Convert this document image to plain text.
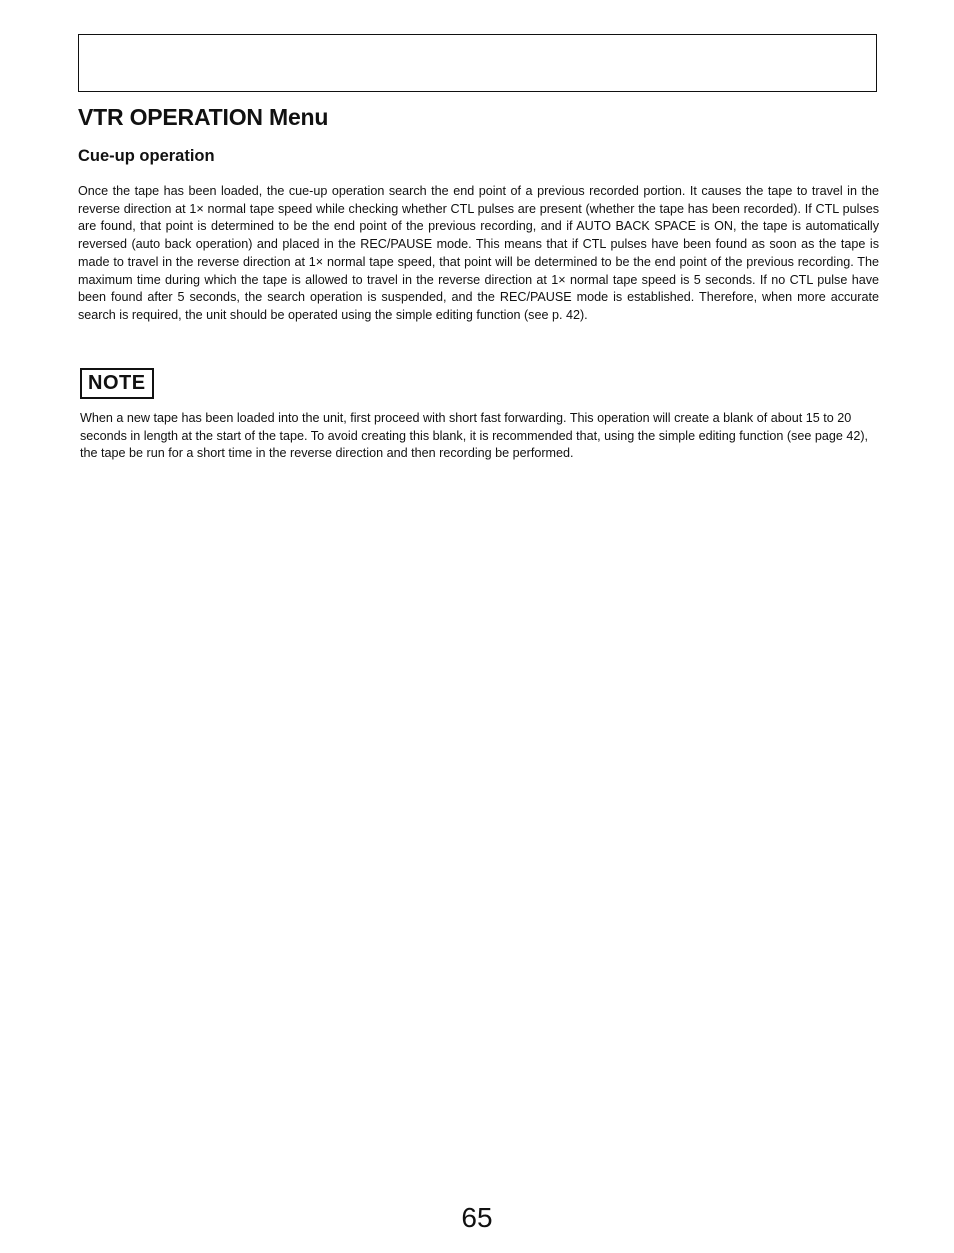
VTR OPERATION Menu
Cue-up operation

Once the tape has been loaded, the cue-up operation search the end point of a previous recorded portion. It causes the tape to travel in the reverse direction at 1× normal tape speed while checking whether CTL pulses are present (whether the tape has been recorded). If CTL pulses are found, that point is determined to be the end point of the previous recording, and if AUTO BACK SPACE is ON, the tape is automatically reversed (auto back operation) and placed in the REC/PAUSE mode. This means that if CTL pulses have been found as soon as the tape is made to travel in the reverse direction at 1× normal tape speed, that point will be determined to be the end point of the previous recording. The maximum time during which the tape is allowed to travel in the reverse direction at 1× normal tape speed is 5 seconds. If no CTL pulse have been found after 5 seconds, the search operation is suspended, and the REC/PAUSE mode is established. Therefore, when more accurate search is required, the unit should be operated using the simple editing function (see p. 42).

NOTE

When a new tape has been loaded into the unit, first proceed with short fast forwarding. This operation will create a blank of about 15 to 20 seconds in length at the start of the tape. To avoid creating this blank, it is recommended that, using the simple editing function (see page 42), the tape be run for a short time in the reverse direction and then recording be performed.

65
